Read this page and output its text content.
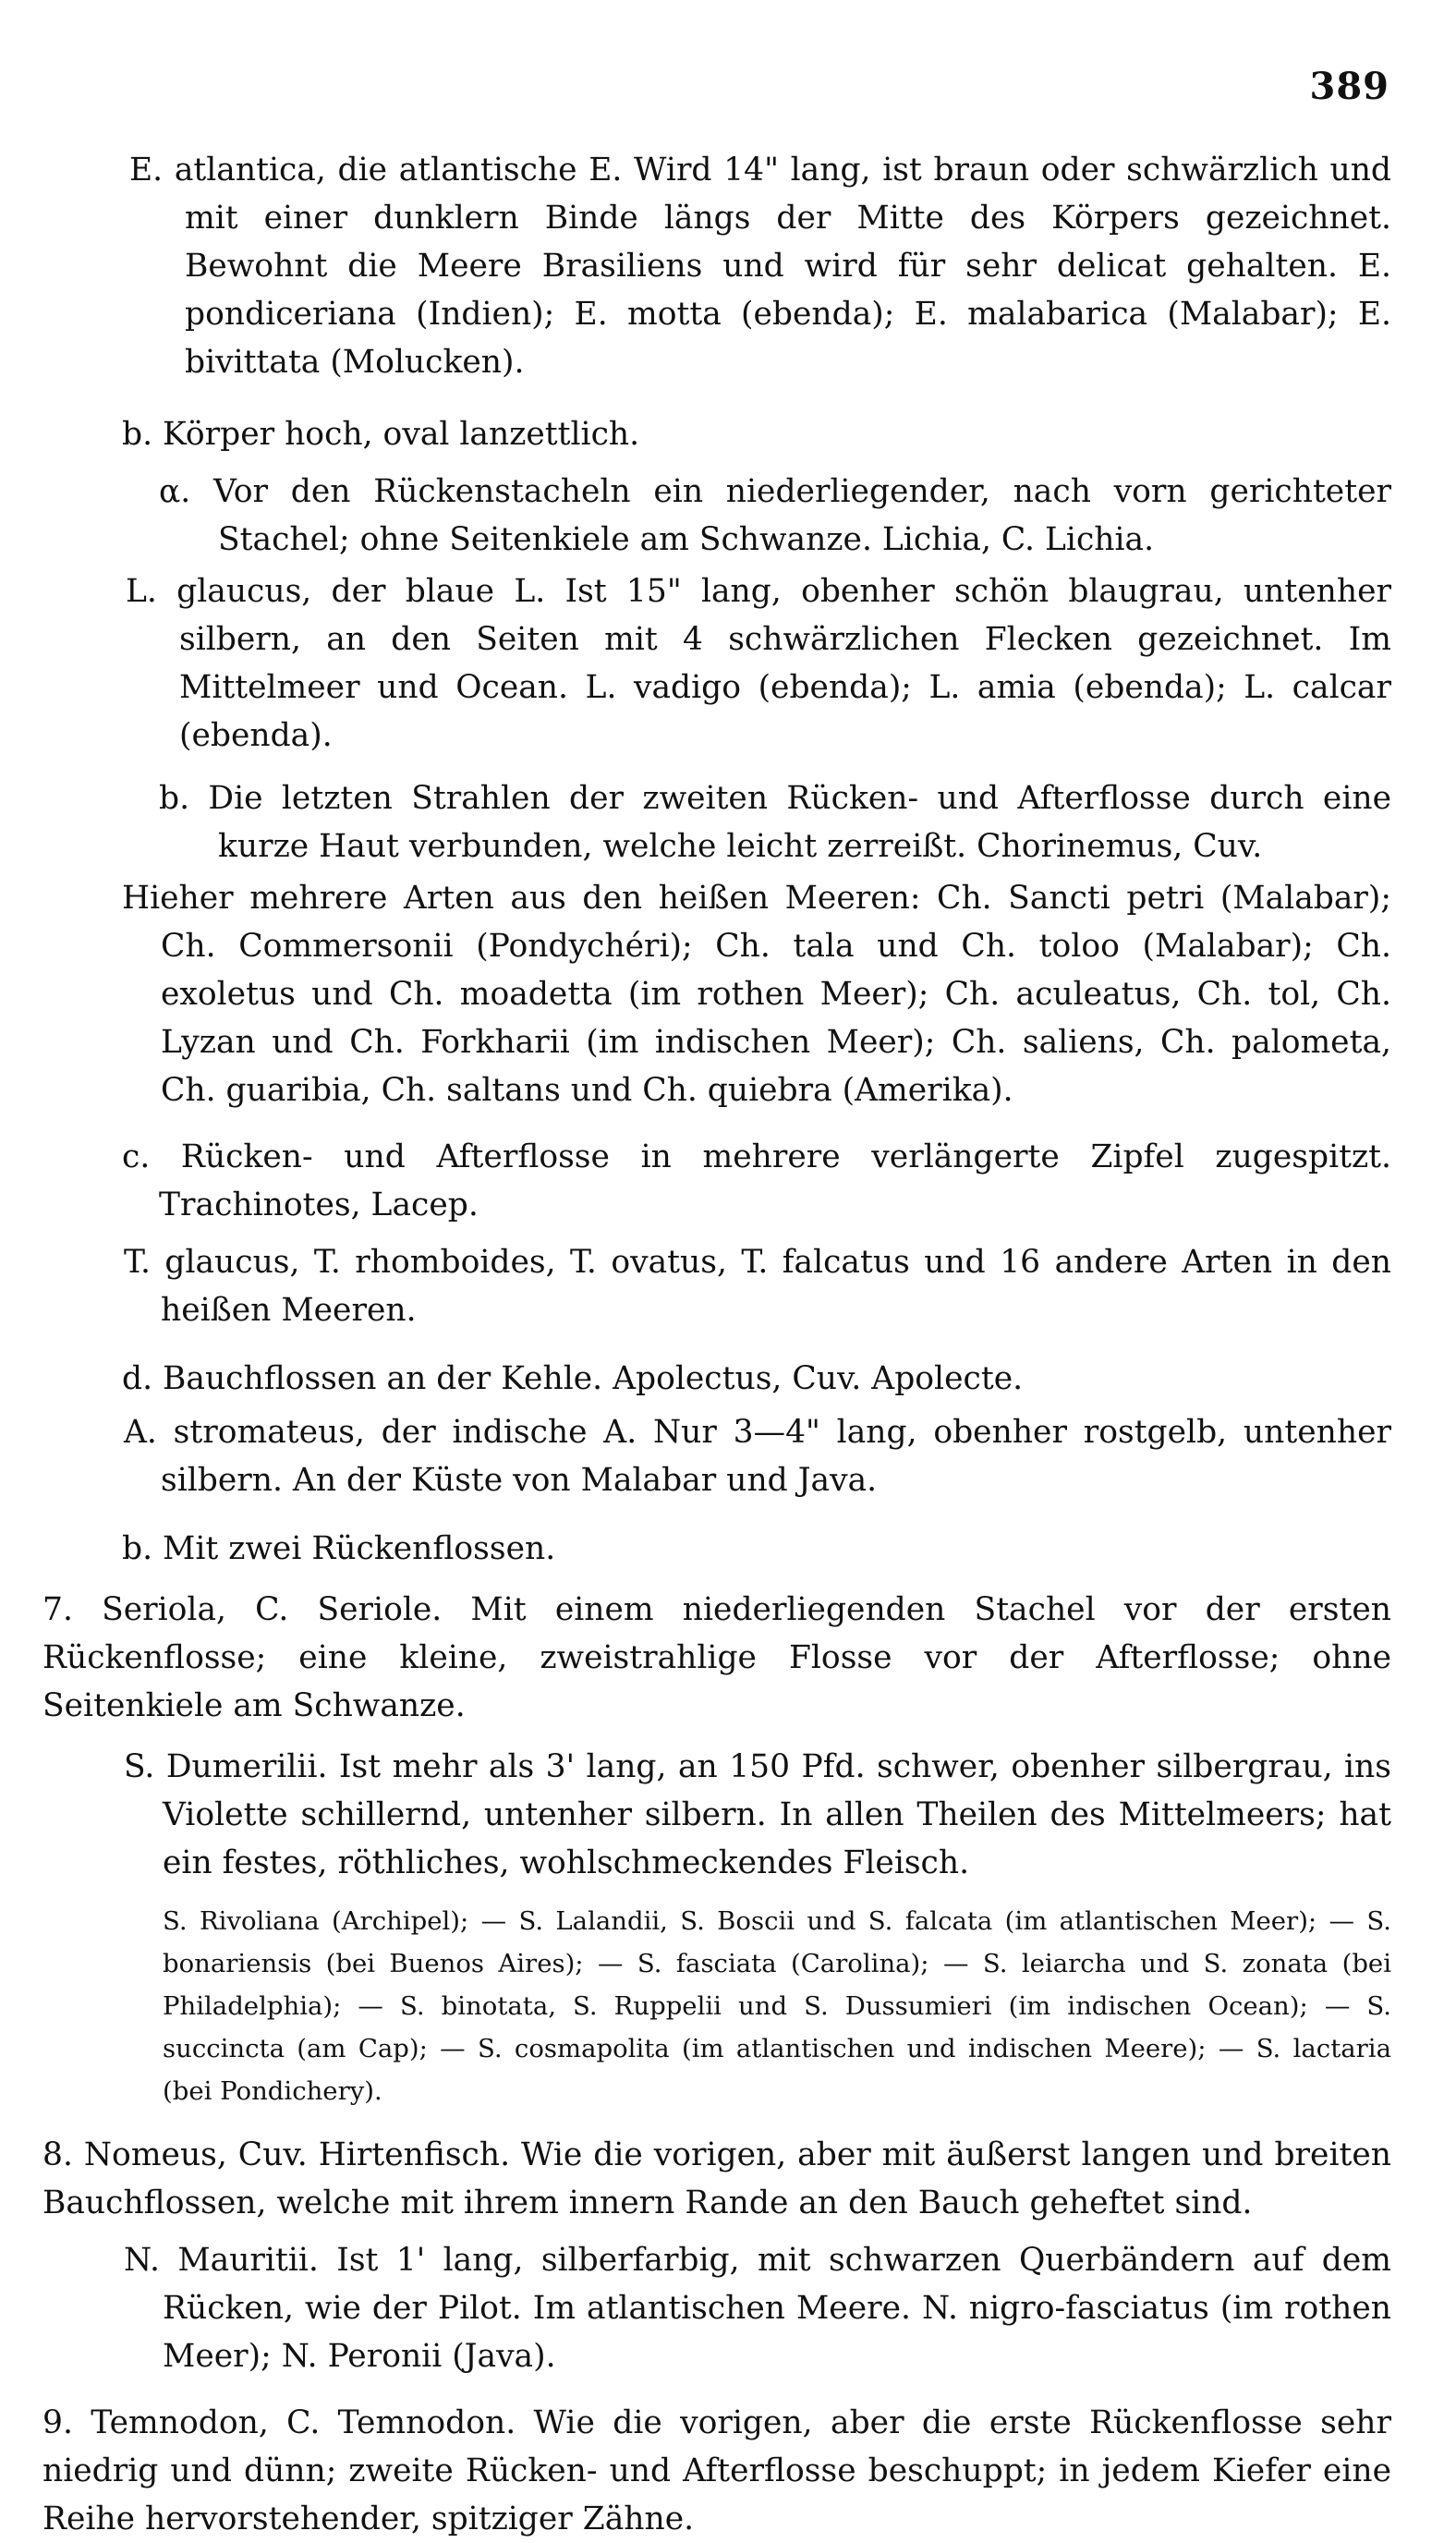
389

E. atlantica, die atlantische E. Wird 14" lang, ist braun oder schwärzlich und mit einer dunklern Binde längs der Mitte des Körpers gezeichnet. Bewohnt die Meere Brasiliens und wird für sehr delicat gehalten. E. pondiceriana (Indien); E. motta (ebenda); E. malabarica (Malabar); E. bivittata (Molucken).

b. Körper hoch, oval lanzettlich.

α. Vor den Rückenstacheln ein niederliegender, nach vorn gerichteter Stachel; ohne Seitenkiele am Schwanze. Lichia, C. Lichia.

L. glaucus, der blaue L. Ist 15" lang, obenher schön blaugrau, untenher silbern, an den Seiten mit 4 schwärzlichen Flecken gezeichnet. Im Mittelmeer und Ocean. L. vadigo (ebenda); L. amia (ebenda); L. calcar (ebenda).

b. Die letzten Strahlen der zweiten Rücken- und Afterflosse durch eine kurze Haut verbunden, welche leicht zerreißt. Chorinemus, Cuv.

Hieher mehrere Arten aus den heißen Meeren: Ch. Sancti petri (Malabar); Ch. Commersonii (Pondychéri); Ch. tala und Ch. toloo (Malabar); Ch. exoletus und Ch. moadetta (im rothen Meer); Ch. aculeatus, Ch. tol, Ch. Lyzan und Ch. Forkharii (im indischen Meer); Ch. saliens, Ch. palometa, Ch. guaribia, Ch. saltans und Ch. quiebra (Amerika).

c. Rücken- und Afterflosse in mehrere verlängerte Zipfel zugespitzt. Trachinotes, Lacep.

T. glaucus, T. rhomboides, T. ovatus, T. falcatus und 16 andere Arten in den heißen Meeren.

d. Bauchflossen an der Kehle. Apolectus, Cuv. Apolecte.

A. stromateus, der indische A. Nur 3—4" lang, obenher rostgelb, untenher silbern. An der Küste von Malabar und Java.

b. Mit zwei Rückenflossen.

7. Seriola, C. Seriole. Mit einem niederliegenden Stachel vor der ersten Rückenflosse; eine kleine, zweistrahlige Flosse vor der Afterflosse; ohne Seitenkiele am Schwanze.

S. Dumerilii. Ist mehr als 3' lang, an 150 Pfd. schwer, obenher silbergrau, ins Violette schillernd, untenher silbern. In allen Theilen des Mittelmeers; hat ein festes, röthliches, wohlschmeckendes Fleisch.

S. Rivoliana (Archipel); — S. Lalandii, S. Boscii und S. falcata (im atlantischen Meer); — S. bonariensis (bei Buenos Aires); — S. fasciata (Carolina); — S. leiarcha und S. zonata (bei Philadelphia); — S. binotata, S. Ruppelii und S. Dussumieri (im indischen Ocean); — S. succincta (am Cap); — S. cosmapolita (im atlantischen und indischen Meere); — S. lactaria (bei Pondichery).

8. Nomeus, Cuv. Hirtenfisch. Wie die vorigen, aber mit äußerst langen und breiten Bauchflossen, welche mit ihrem innern Rande an den Bauch geheftet sind.

N. Mauritii. Ist 1' lang, silberfarbig, mit schwarzen Querbändern auf dem Rücken, wie der Pilot. Im atlantischen Meere. N. nigro-fasciatus (im rothen Meer); N. Peronii (Java).

9. Temnodon, C. Temnodon. Wie die vorigen, aber die erste Rückenflosse sehr niedrig und dünn; zweite Rücken- und Afterflosse beschuppt; in jedem Kiefer eine Reihe hervorstehender, spitziger Zähne.
